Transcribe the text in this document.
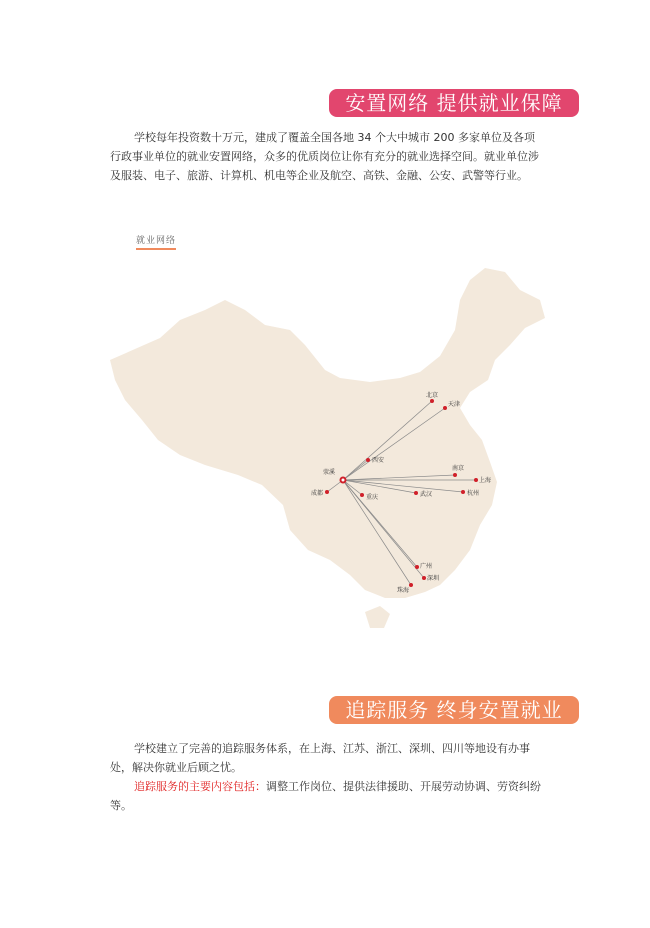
安置网络 提供就业保障

学校每年投资数十万元，建成了覆盖全国各地 34 个大中城市 200 多家单位及各项行政事业单位的就业安置网络，众多的优质岗位让你有充分的就业选择空间。就业单位涉及服装、电子、旅游、计算机、机电等企业及航空、高铁、金融、公安、武警等行业。

就业网络
荥溪
北京
天津
西安
南京
上海
成都
重庆	武汉	杭州
广州
深圳
珠海
追踪服务 终身安置就业
学校建立了完善的追踪服务体系，在上海、江苏、浙江、深圳、四川等地设有办事处，解决你就业后顾之忧。
追踪服务的主要内容包括：调整工作岗位、提供法律援助、开展劳动协调、劳资纠纷等。
